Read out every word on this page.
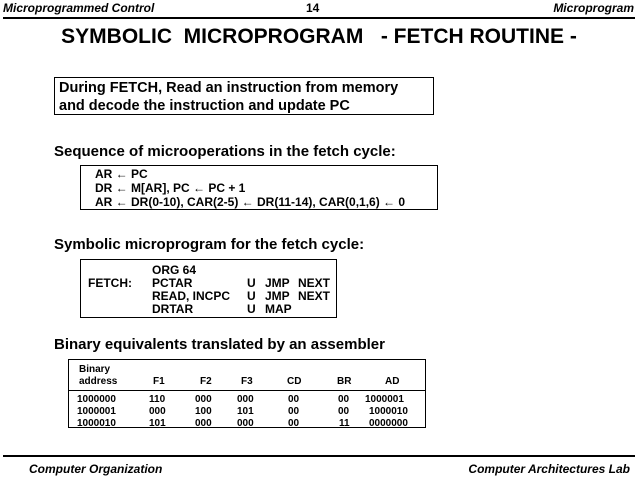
Microprogrammed Control	14	Microprogram
SYMBOLIC  MICROPROGRAM   - FETCH ROUTINE -
During FETCH, Read an instruction from memory
and decode the instruction and update PC
Sequence of microoperations in the fetch cycle:
AR ← PC
DR ← M[AR], PC ← PC + 1
AR ← DR(0-10), CAR(2-5) ← DR(11-14), CAR(0,1,6) ← 0
Symbolic microprogram for the fetch cycle:
ORG 64
FETCH: PCTAR	U JMP NEXT
READ, INCPC U JMP NEXT
DRTAR	U MAP
Binary equivalents translated by an assembler
Binary
address	F1	F2	F3	CD	BR	AD
1000000	110	000	000	00	00 1000001
1000001	000	100	101	00	00 1000010
1000010	101	000	000	00	11 0000000
Computer Organization	Computer Architectures Lab
